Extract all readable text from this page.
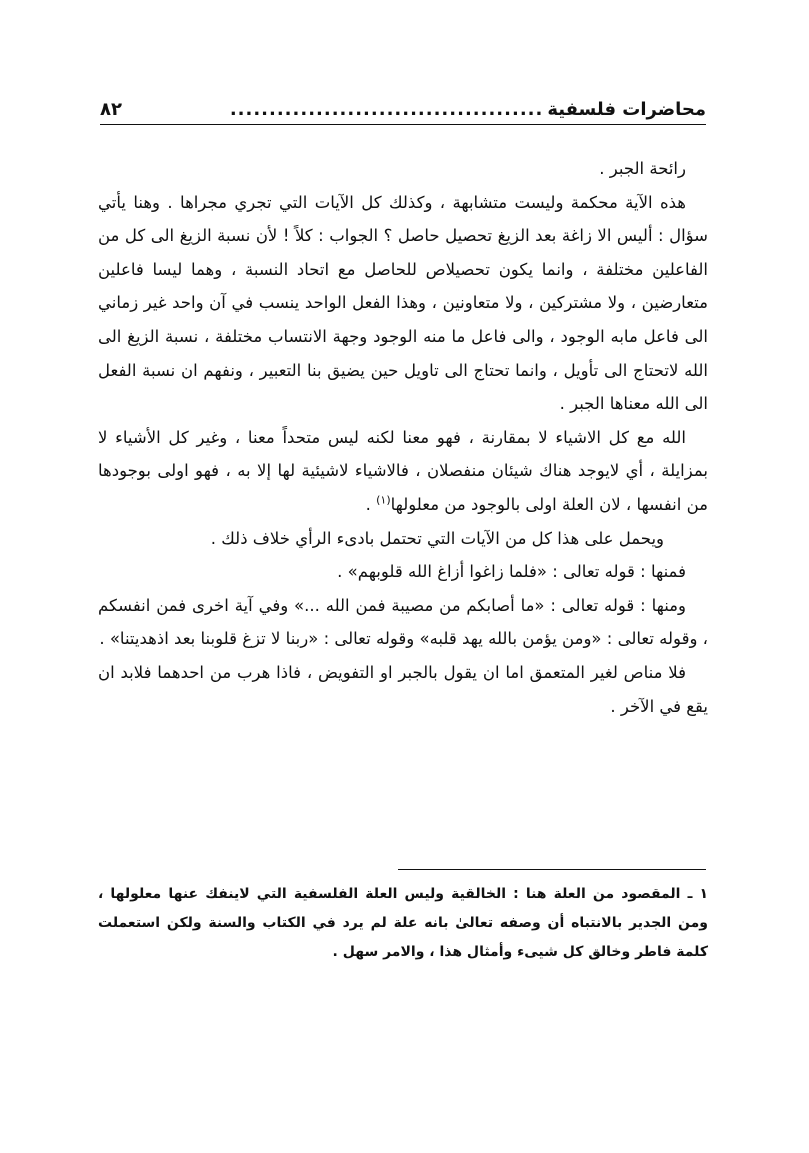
محاضرات فلسفية
........................................
٨٢

رائحة الجبر .

هذه الآية محكمة وليست متشابهة ، وكذلك كل الآيات التي تجري مجراها . وهنا يأتي سؤال : أليس الا زاغة بعد الزيغ تحصيل حاصل ؟ الجواب : كلاً ! لأن نسبة الزيغ الى كل من الفاعلين مختلفة ، وانما يكون تحصيلاص للحاصل مع اتحاد النسبة ، وهما ليسا فاعلين متعارضين ، ولا مشتركين ، ولا متعاونين ، وهذا الفعل الواحد ينسب في آن واحد غير زماني الى فاعل مابه الوجود ، والى فاعل ما منه الوجود وجهة الانتساب مختلفة ، نسبة الزيغ الى الله لاتحتاج الى تأويل ، وانما تحتاج الى تاويل حين يضيق بنا التعبير ، ونفهم ان نسبة الفعل الى الله معناها الجبر .

الله مع كل الاشياء لا بمقارنة ، فهو معنا لكنه ليس متحداً معنا ، وغير كل الأشياء لا بمزايلة ، أي لايوجد هناك شيئان منفصلان ، فالاشياء لاشيئية لها إلا به ، فهو اولى بوجودها من انفسها ، لان العلة اولى بالوجود من معلولها$^{(١)}$ .

ويحمل على هذا كل من الآيات التي تحتمل بادىء الرأي خلاف ذلك .

فمنها : قوله تعالى : «فلما زاغوا أزاغ الله قلوبهم» .

ومنها : قوله تعالى : «ما أصابكم من مصيبة فمن الله ...» وفي آية اخرى فمن انفسكم ، وقوله تعالى : «ومن يؤمن بالله يهد قلبه» وقوله تعالى : «ربنا لا تزغ قلوبنا بعد اذهديتنا» .

فلا مناص لغير المتعمق اما ان يقول بالجبر او التفويض ، فاذا هرب من احدهما فلابد ان يقع في الآخر .

١ ـ المقصود من العلة هنا : الخالقية وليس العلة الفلسفية التي لاينفك عنها معلولها ، ومن الجدير بالانتباه أن وصفه تعالىٰ بانه علة لم يرد في الكتاب والسنة ولكن استعملت كلمة فاطر وخالق كل شيىء وأمثال هذا ، والامر سهل .
